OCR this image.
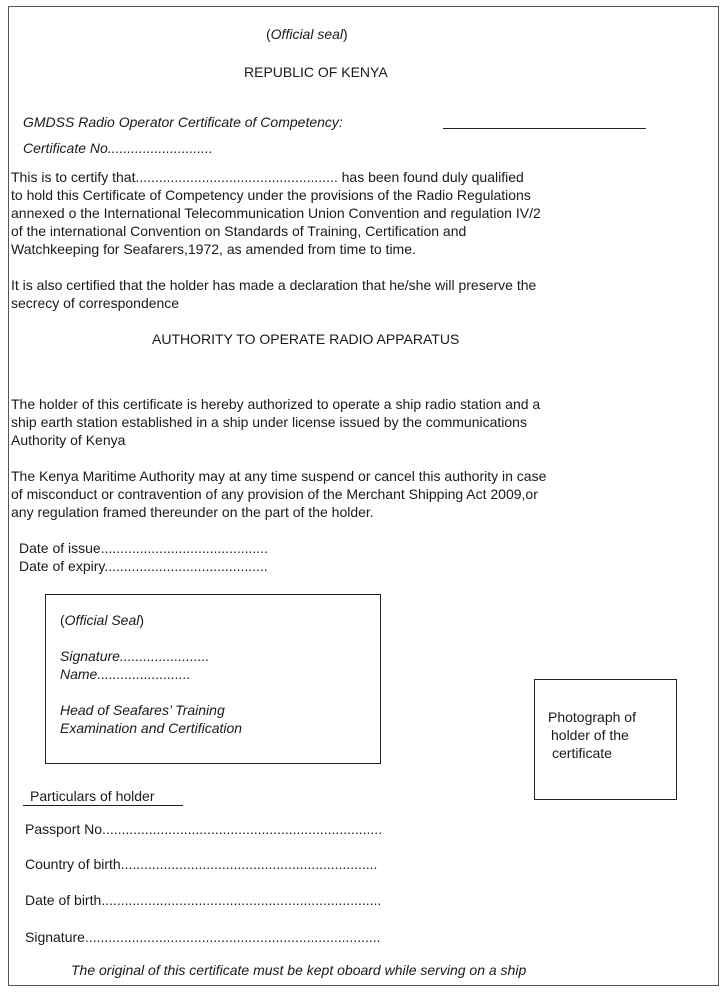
(Official seal)
REPUBLIC OF KENYA
GMDSS Radio Operator Certificate of Competency:
Certificate No...........................
This is to certify that.................................................... has been found duly qualified
to hold this Certificate of Competency under the provisions of the Radio Regulations
annexed o the International Telecommunication Union Convention and regulation IV/2
of the international Convention on Standards of Training, Certification and
Watchkeeping for Seafarers,1972, as amended from time to time.
It is also certified that the holder has made a declaration that he/she will preserve the
secrecy of correspondence
AUTHORITY TO OPERATE RADIO APPARATUS
The holder of this certificate is hereby authorized to operate a ship radio station and a
ship earth station established in a ship under license issued by the communications
Authority of Kenya
The Kenya Maritime Authority may at any time suspend or cancel this authority in case
of misconduct or contravention of any provision of the Merchant Shipping Act 2009,or
any regulation framed thereunder on the part of the holder.
Date of issue...........................................
Date of expiry..........................................
(Official Seal)
Signature.......................
Name........................
Head of Seafares’ Training
Examination and Certification
Photograph of
holder of the
certificate
Particulars of holder
Passport No........................................................................
Country of birth..................................................................
Date of birth........................................................................
Signature............................................................................
The original of this certificate must be kept oboard while serving on a ship
